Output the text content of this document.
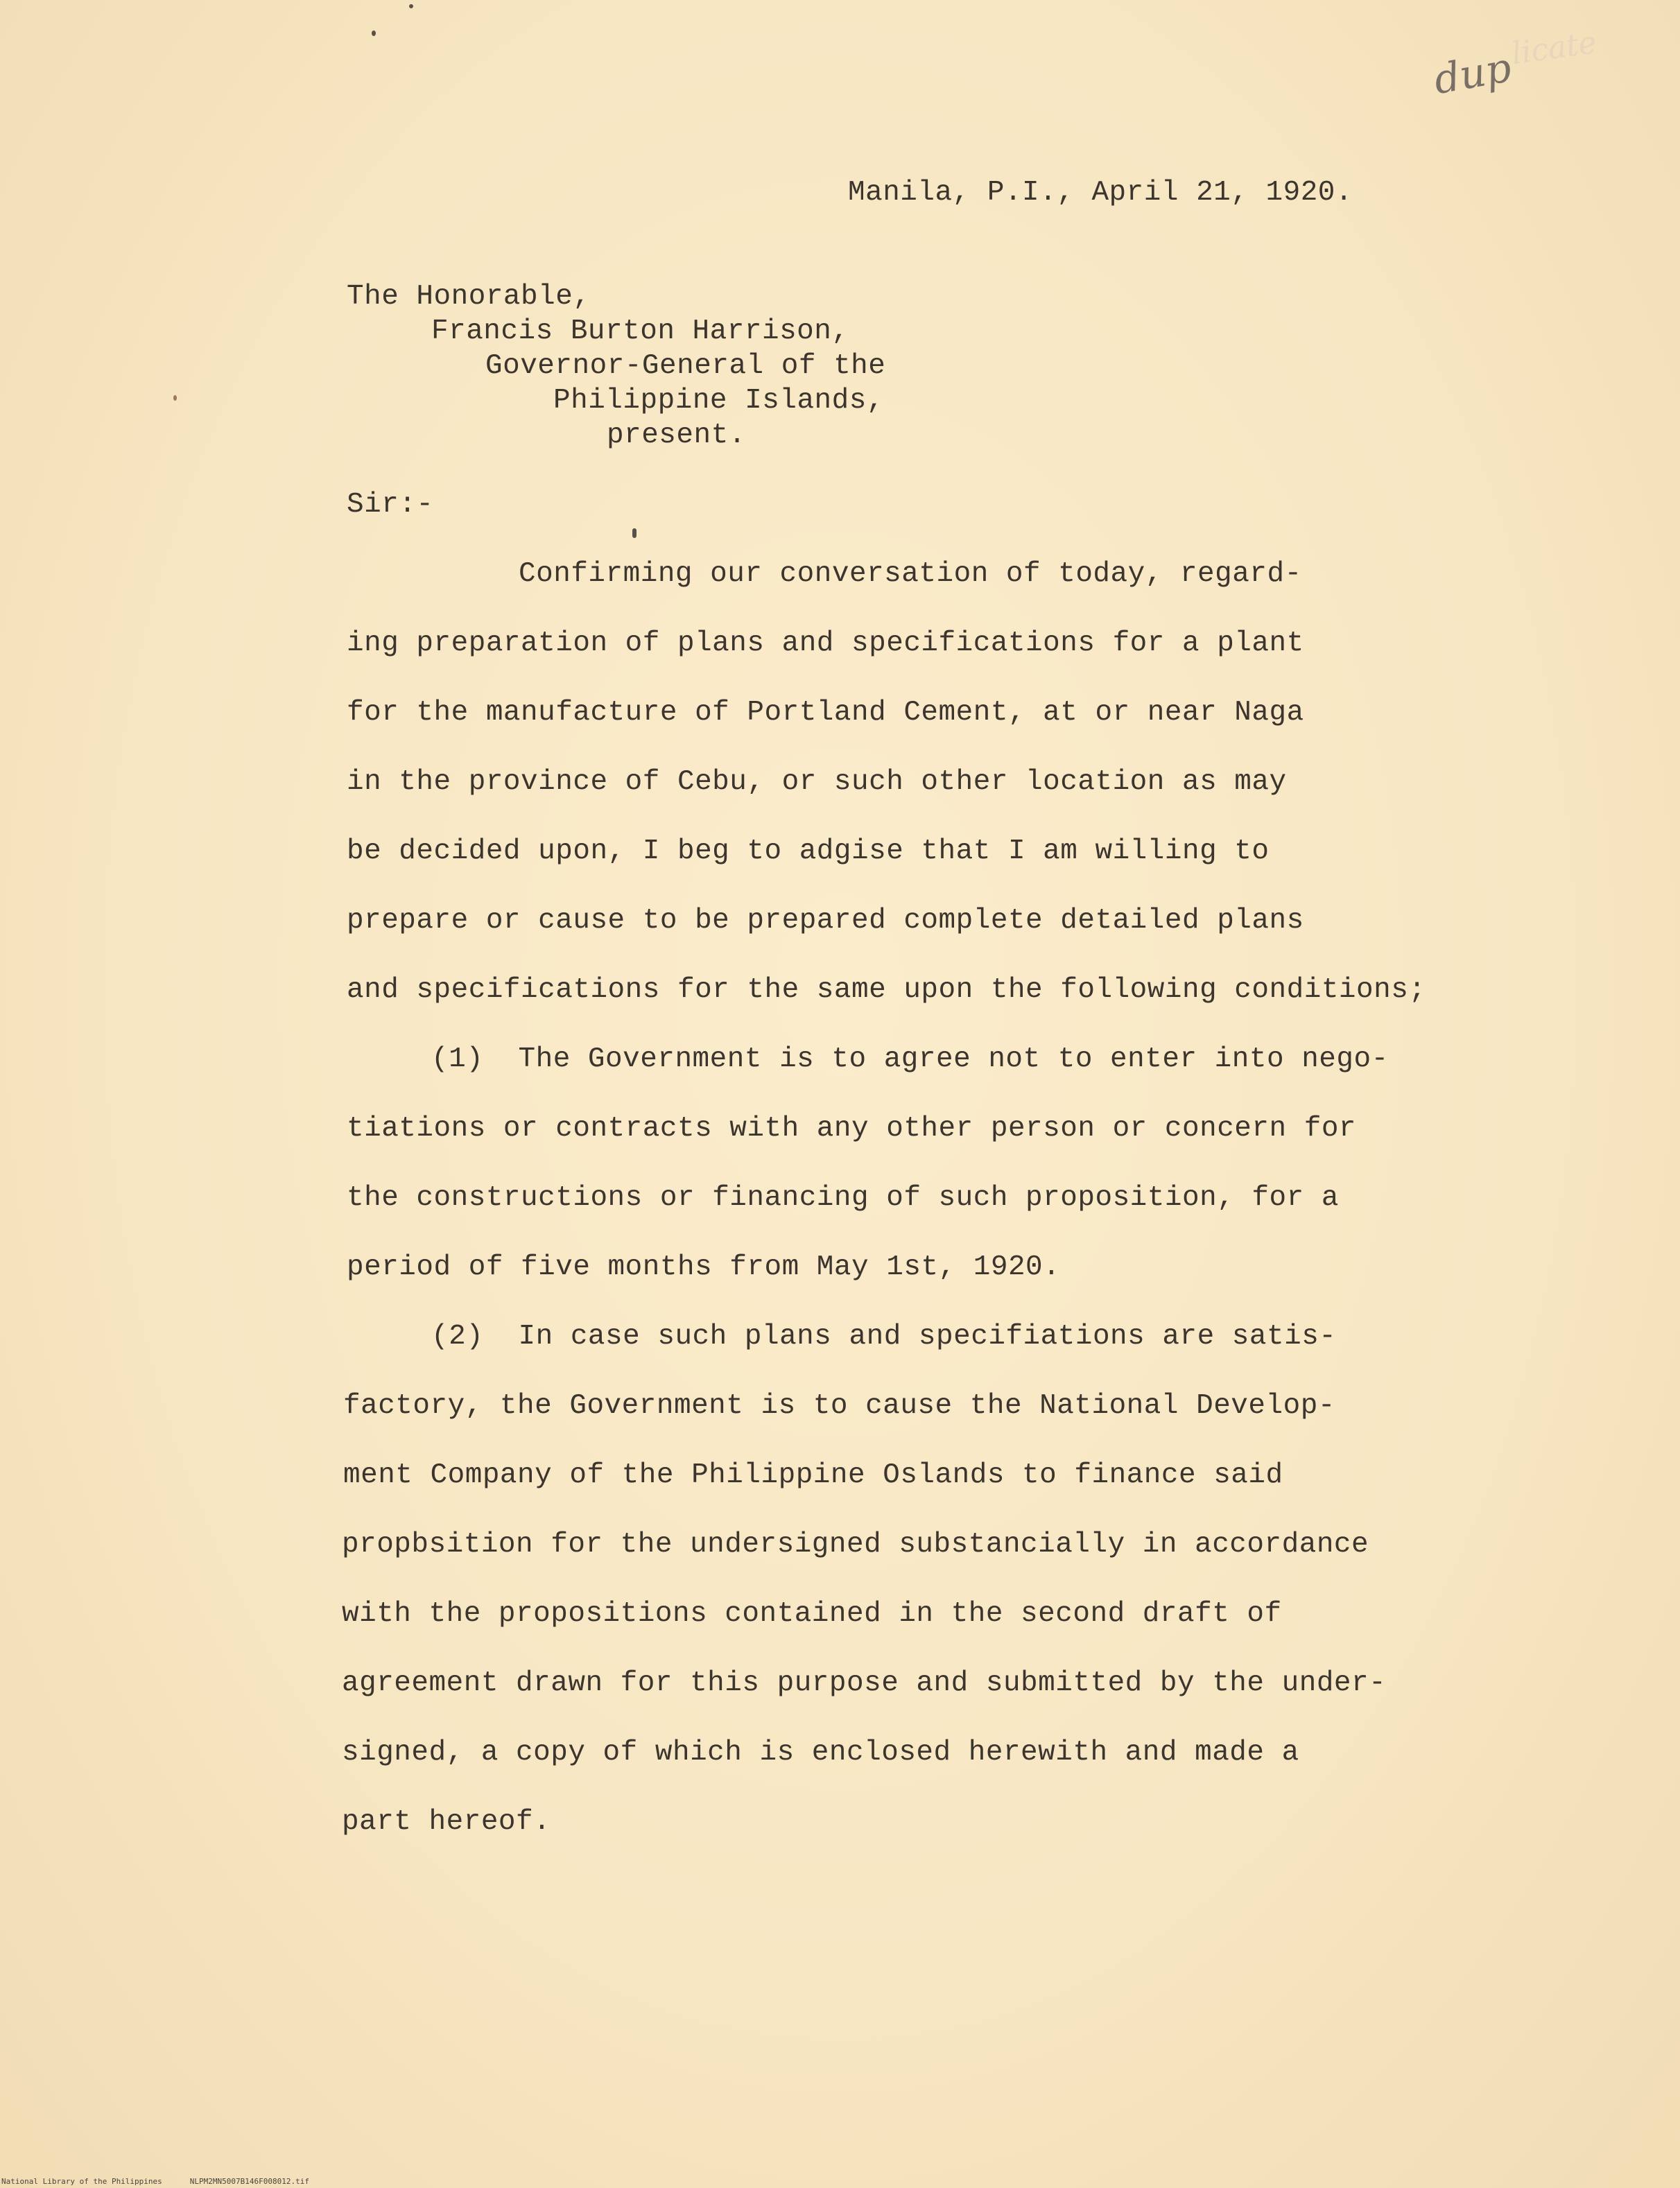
licate
dup
Manila, P.I., April 21, 1920.
The Honorable,
Francis Burton Harrison,
Governor-General of the
Philippine Islands,
present.
Sir:-
Confirming our conversation of today, regard-
ing preparation of plans and specifications for a plant
for the manufacture of Portland Cement, at or near Naga
in the province of Cebu, or such other location as may
be decided upon, I beg to adgise that I am willing to
prepare or cause to be prepared complete detailed plans
and specifications for the same upon the following conditions;
(1)  The Government is to agree not to enter into nego-
tiations or contracts with any other person or concern for
the constructions or financing of such proposition, for a
period of five months from May 1st, 1920.
(2)  In case such plans and specifiations are satis-
factory, the Government is to cause the National Develop-
ment Company of the Philippine Oslands to finance said
propbsition for the undersigned substancially in accordance
with the propositions contained in the second draft of
agreement drawn for this purpose and submitted by the under-
signed, a copy of which is enclosed herewith and made a
part hereof.
National Library of the Philippines	NLPM2MN5007B146F008012.tif
